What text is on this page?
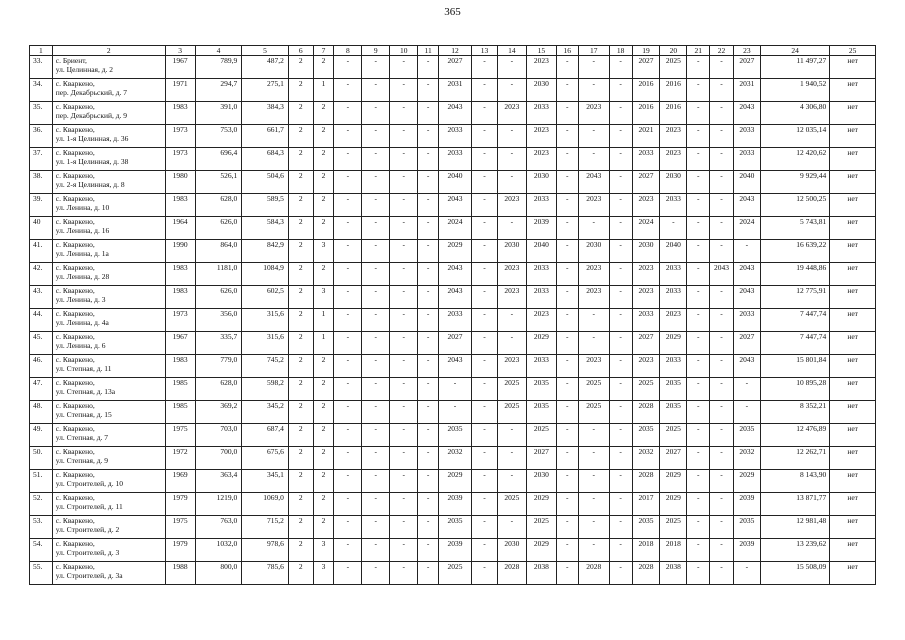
365
1	2	3	4	5	6	7	8	9	10	11	12	13	14	15	16	17	18	19	20	21	22	23	24	25
33.	с. Бриент,
ул. Целинная, д. 2	1967	789,9	487,2	2	2	-	-	-	-	2027	-	-	2023	-	-	-	2027	2025	-	-	2027	11 497,27	нет
34.	с. Кваркено,
пер. Декабрьский, д. 7	1971	294,7	275,1	2	1	-	-	-	-	2031	-	-	2030	-	-	-	2016	2016	-	-	2031	1 940,52	нет
35.	с. Кваркено,
пер. Декабрьский, д. 9	1983	391,0	384,3	2	2	-	-	-	-	2043	-	2023	2033	-	2023	-	2016	2016	-	-	2043	4 306,80	нет
36.	с. Кваркено,
ул. 1-я Целинная, д. 36	1973	753,0	661,7	2	2	-	-	-	-	2033	-	-	2023	-	-	-	2021	2023	-	-	2033	12 035,14	нет
37.	с. Кваркено,
ул. 1-я Целинная, д. 38	1973	696,4	684,3	2	2	-	-	-	-	2033	-	-	2023	-	-	-	2033	2023	-	-	2033	12 420,62	нет
38.	с. Кваркено,
ул. 2-я Целинная, д. 8	1980	526,1	504,6	2	2	-	-	-	-	2040	-	-	2030	-	2043	-	2027	2030	-	-	2040	9 929,44	нет
39.	с. Кваркено,
ул. Ленина, д. 10	1983	628,0	589,5	2	2	-	-	-	-	2043	-	2023	2033	-	2023	-	2023	2033	-	-	2043	12 500,25	нет
40	с. Кваркено,
ул. Ленина, д. 16	1964	626,0	584,3	2	2	-	-	-	-	2024	-	-	2039	-	-	-	2024	-	-	-	2024	5 743,81	нет
41.	с. Кваркено,
ул. Ленина, д. 1а	1990	864,0	842,9	2	3	-	-	-	-	2029	-	2030	2040	-	2030	-	2030	2040	-	-	-	16 639,22	нет
42.	с. Кваркено,
ул. Ленина, д. 28	1983	1181,0	1084,9	2	2	-	-	-	-	2043	-	2023	2033	-	2023	-	2023	2033	-	2043	2043	19 448,86	нет
43.	с. Кваркено,
ул. Ленина, д. 3	1983	626,0	602,5	2	3	-	-	-	-	2043	-	2023	2033	-	2023	-	2023	2033	-	-	2043	12 775,91	нет
44.	с. Кваркено,
ул. Ленина, д. 4а	1973	356,0	315,6	2	1	-	-	-	-	2033	-	-	2023	-	-	-	2033	2023	-	-	2033	7 447,74	нет
45.	с. Кваркено,
ул. Ленина, д. 6	1967	335,7	315,6	2	1	-	-	-	-	2027	-	-	2029	-	-	-	2027	2029	-	-	2027	7 447,74	нет
46.	с. Кваркено,
ул. Степная, д. 11	1983	779,0	745,2	2	2	-	-	-	-	2043	-	2023	2033	-	2023	-	2023	2033	-	-	2043	15 801,84	нет
47.	с. Кваркено,
ул. Степная, д. 13а	1985	628,0	598,2	2	2	-	-	-	-	-	-	2025	2035	-	2025	-	2025	2035	-	-	-	10 895,28	нет
48.	с. Кваркено,
ул. Степная, д. 15	1985	369,2	345,2	2	2	-	-	-	-	-	-	2025	2035	-	2025	-	2028	2035	-	-	-	8 352,21	нет
49.	с. Кваркено,
ул. Степная, д. 7	1975	703,0	687,4	2	2	-	-	-	-	2035	-	-	2025	-	-	-	2035	2025	-	-	2035	12 476,89	нет
50.	с. Кваркено,
ул. Степная, д. 9	1972	700,0	675,6	2	2	-	-	-	-	2032	-	-	2027	-	-	-	2032	2027	-	-	2032	12 262,71	нет
51.	с. Кваркено,
ул. Строителей, д. 10	1969	363,4	345,1	2	2	-	-	-	-	2029	-	-	2030	-	-	-	2028	2029	-	-	2029	8 143,90	нет
52.	с. Кваркено,
ул. Строителей, д. 11	1979	1219,0	1069,0	2	2	-	-	-	-	2039	-	2025	2029	-	-	-	2017	2029	-	-	2039	13 871,77	нет
53.	с. Кваркено,
ул. Строителей, д. 2	1975	763,0	715,2	2	2	-	-	-	-	2035	-	-	2025	-	-	-	2035	2025	-	-	2035	12 981,48	нет
54.	с. Кваркено,
ул. Строителей, д. 3	1979	1032,0	978,6	2	3	-	-	-	-	2039	-	2030	2029	-	-	-	2018	2018	-	-	2039	13 239,62	нет
55.	с. Кваркено,
ул. Строителей, д. 3а	1988	800,0	785,6	2	3	-	-	-	-	2025	-	2028	2038	-	2028	-	2028	2038	-	-	-	15 508,09	нет
